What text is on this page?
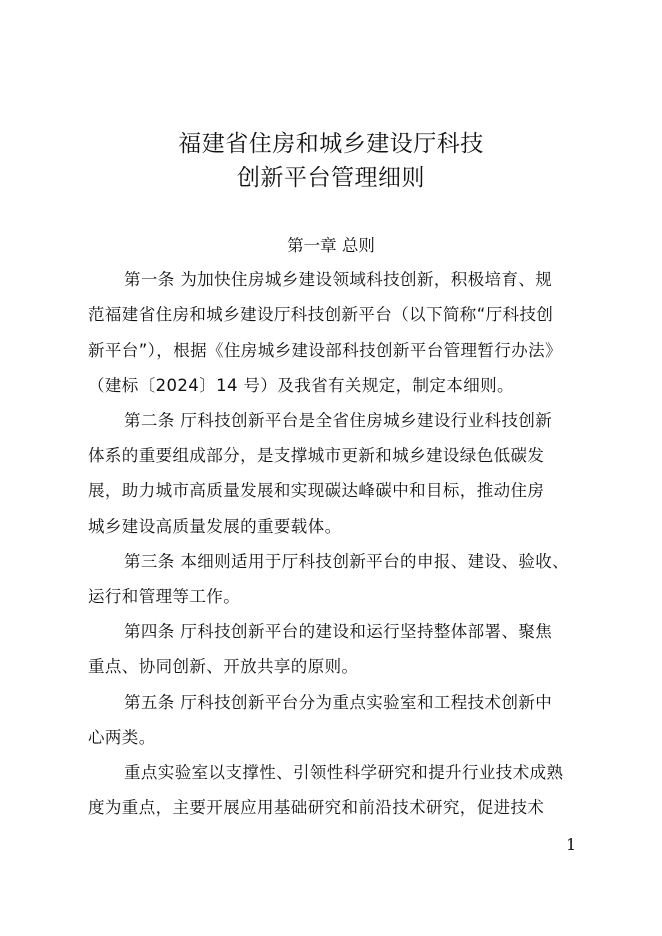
福建省住房和城乡建设厅科技
创新平台管理细则
第一章 总则
第一条 为加快住房城乡建设领域科技创新，积极培育、规
范福建省住房和城乡建设厅科技创新平台（以下简称“厅科技创
新平台”），根据《住房城乡建设部科技创新平台管理暂行办法》
（建标〔2024〕14 号）及我省有关规定，制定本细则。
第二条 厅科技创新平台是全省住房城乡建设行业科技创新
体系的重要组成部分，是支撑城市更新和城乡建设绿色低碳发
展，助力城市高质量发展和实现碳达峰碳中和目标，推动住房
城乡建设高质量发展的重要载体。
第三条 本细则适用于厅科技创新平台的申报、建设、验收、
运行和管理等工作。
第四条 厅科技创新平台的建设和运行坚持整体部署、聚焦
重点、协同创新、开放共享的原则。
第五条 厅科技创新平台分为重点实验室和工程技术创新中
心两类。
重点实验室以支撑性、引领性科学研究和提升行业技术成熟
度为重点，主要开展应用基础研究和前沿技术研究，促进技术
1
